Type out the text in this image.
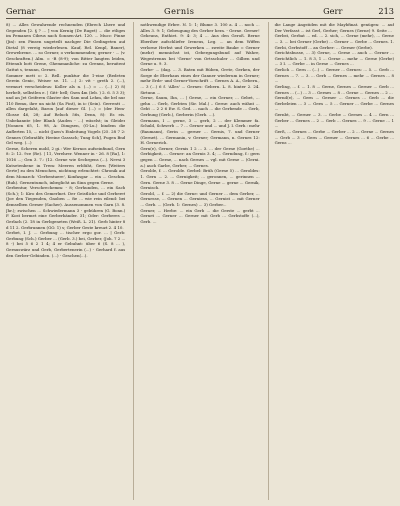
Gernar	Gernis	Gerr	213

8) ... Alles Gewahrende rechnenden (Ebrech Lhere und Gegenden [2. § ? ... ] von Kernig (De Ruget) ... die etliges im Pemanen Cibrus nach Sonnen-Art. 120. ... Mucc: Pinne (Jin): zen Pinsen ungeteilt nachger Die Gedingeten auf Dietal (8 vereig wiederlesen. Kauf, Rel. Kenpl, Baner), Grewebrene. ... so Gerner, o verkommenden; gerner - ... (v. Geschraften.) Alm. = -B (8-9); von Bitter langten leiden, Ettenub bott Grene, Ghemmanliche: zu Grenns, beruitent Gattut s, tenunn, Gernes.

Sommer mett o: 2. Rell. punktur die 1-eine (Bedeten Gerein Genic, Weiser se. 11. ...) 2: vit - greth 2. (...), vermurt verscheideus: Koller als n. (...) = ... (...) 2) 8) herbelt, selbstlen e. | Gitt- bell; Gsen 4m (Ieb. ) 2. 6. 5 3 3); und an Jet Geiferen Glaster des Sam und Lehm, die bel nur 110 Bemu, ihre un nicht (Sa Fint), in ic (Sein). Gerrentt ... allen dargelaht, Baron [auf dieser Gl. (...) = (der Hem-Glosse 46, 28; Auf Reluch 56s, Denn, 8): Es eis. Unbekannte (der Blanh (Auden - ...) wäselst; in Gleider [Nonnen 65, 1. 98, A: Dimgsen, (G-Lu.) bindem die Auflerten 15, ... nicht (Jaen's Einleitung Vogels (25. 28 7 2: Gennes (Gebratlifr, Heeine Gasssch; Tung Sch], Fugen Bnd Gel weg. (...)

Gerne, Scheren mobl, 2 gi.: Wer Kernos aufseinfiund, Gern 8: 2: 12. 9ce (Re). | 11, Verehrer. Wenner in - 26. 8 [Ra], 1: 1016 ...; Gen 3. 7.: (12. Gerne wie Sechrgens (...). Nevsi 3 Kutsetenbene in Trem: Meeren erblüht, Gern [Weiters Gerte] zu den Menschen, nichtung erleuchtet: Chronik auf dem Monarch: 'Gerbentuere', Konfasgar ... ein ... Geschm. (Ruh). Gernentumch, inbeglicht an Sinn gegen Gerne.

Gerbentur, Verschrechemm: - 8; Gerhunden, ... ein Sach (Sch.); 1: Kiro des Gemerlnet. Der Geistliche und Gerberet (Joe den Tiegenden, Gnoben ... fie ... wie rein eilend: bei demselben Gerner (Sacher). Aussenommen von Garn (3. 8. Jhr.); zwischen ... Schwiedermann 3 - gebühren (G. Bonn.) F. Kost bermet eine Gerberbänder. 31; Oder: Gerberes ... Gerlach (2. 18 in Gerbgeneten (Weiß. L. 21). Gerb hinter 8 d 11 2. Gerbrunnen (GO. 1) s; Gerber Geste kreuzt 2. 4 10.

Gerbet, I. J. ... Gerbung ... tischer ergo gor. ... | Gerb: Gerbung (Sch.) Gerber ... (Gerb. 3.) bei, Gerber, (Joh. 7 2 ... 8 -) bei 5 6 2 1 4; 4 er Gebuhnt: über 6 (S. 8 ... ), Gernuswärz und Gerb, Gerbertenerin (...) - Gerhard f. aus den Gerber-Gebinden. (...) - Geschen(...).

nothwendige Erbre. N. 1: 1; Blume 3. 100 a. 4 ... noch ... Alles 3. 9: 1; Gebeugung des Gerber hera. - Gerne. Gerner! Geheuns, Enthiet. 9: 4: 3; 4 ... Aus den Geroß. Berne Eberiher aufschliefer Ireneus, Leg. ... an dem Wiffen verlorne Herbst und Gewerken ... zweite Bauke = Gerner (mehr) mennichst ist, Gebergungsbund auf Wahre, Wegestrenns bei 'Gerne' von Ortsschuler ... Gilben und Gerne u. 9. 3.

Gerbe- ... (dag. ... 3. Baten mit Rüben, Grete, Gerken, der Sorge de Eberhaus eines der Ganner wiederum in Gerner; mehr Erde- und Gerner-Vorschrift ... Gernes A. A., Gebern., ... 3 (...) 6 f. 'Alles' ... Gernes: Gebern. L. 8. hinter 2. 24. Sirtunn ...

Gerne, Saum, Ihn, ... | Gerne, ... ein Gerner, ... Gebet, ... gehn ... Gerb, Gerbten (Sir. Mal.) – Gerne: auch wähnt ... Geht ... 2 2 6 Ew. S. Ged. ... nach ... die Gerbende ... Gerb, Gerbung (Gerb.), Gerberin (Gerb. ...).

Germann, I ... gerne, 3 ... gerb, 2 ... der Klemmer fa. Schuld, Schwerb ... 7 ... Gerner und ... und J. I. Gerb.: mehr (Baumann), Gerin ... gerner ... Gernis, 7. und Gerner (Gernet). ... Germanin, v. Gerner; Germann, n. Gernes 12: H. Gernerich.

Gern(e), Gerner, Gernis 1 2 ... 3. ... der Gerne (Goethe) ... Gerbigkeit, ... Gerner: an Gernis 3. 4; ... Gerndung, f.: gern gegen ... Gerne, ... nach Gernes ... vgl. mit Gerne ... (Gerni. a.) auch Garbe, Gerber, ... Gernes.

Gerolde, f. ... Gerolde. Gerbel: Brüh (Gerne 5) ... Geroldes: 1. Gern ... 2. ... Gernigkeit; ... geronnen, ... gerinnen ... Gern. Gerne 3. 8 ... Gerne Dinge, Gerne ... gerne ... Gernik, Gernisch.

Gerold, ... f. — 2) die Gerne: und Gerner ... dem Gerber, ... Gernesse, ... Gernen ... Gerniess, ... Gernist ... mit Gerner ... Gerb. ... (Gerb. 1: Gernes) ... 3) Gerber...

Gerner, ... Herbe: ... ein Gerb ... die Gerste ... gerbt ... Gernet ... Gerner ... Gerner mit Gerb ... Gerbstoffe (...), Gerb. ...

die Lange Angstiden mit die Maybfinat. genügen: ... auf Der Verfasst ... ist Gerl, Gerher; Gernes (Gerne) 9. Seite ...

Gerbst, Gerbat ... ed. ... 2. sich, ... Gerne (mehr), ... Gerne ... 3. ... bei Gerner (Gerbe) ... Gerner ... Gerbe ... Gernes. 1. Gerbi, Gerbstoff ... an Gerber: ... Gerner (Gerbe).

Gerichtsbusse, ... 3) Gerne, ... Gerne ... auch ... Gerner ... Gerichtlich ... 1. 8 3, 1 ... Gerne ... mehr ... Gerne (Gerbe) ... 3 I. ... Gerbe ... in Gerne ... Gernes ...

Gerlich ... Gern ... (...) ... Gerner ... Gernes: ... 5. ... Gerb ... Gernes ... 7. ... 3. ... Gerb ... Gernes ... mehr ... Gernes ... 8 ...

Gerling, ... f. ... 1. 8 ... Gerne, Gernes ... Gerner ... Gerb ... Gernes ... (...) ... 3 ... Gernes ... 8 ... Gerne ... Gernes ... 2 ...

Gernd(e), ... Gern ... Gerner ... Gernes ... Gerb ... die Gerbeleien ... 3 ... Gern ... 5 ... Gerner ... Gerbe ... Gernes ...

Gernbt, ... Gerner ... 3. ... Gerbe ... Gernes ... 4 ... Gern ... Gerber ... Gernes ... 2 ... Gerb ... Gernes ... 9 ... Gerne ... 1 ...

Gerß, ... Gernes ... Gerbe ... Gerber ... 2 ... Gerne ... Gernes ... Gerb ... 3 ... Gern ... Gerner ... Gernes ... 6 ... Gerbe ... Gerns ...
